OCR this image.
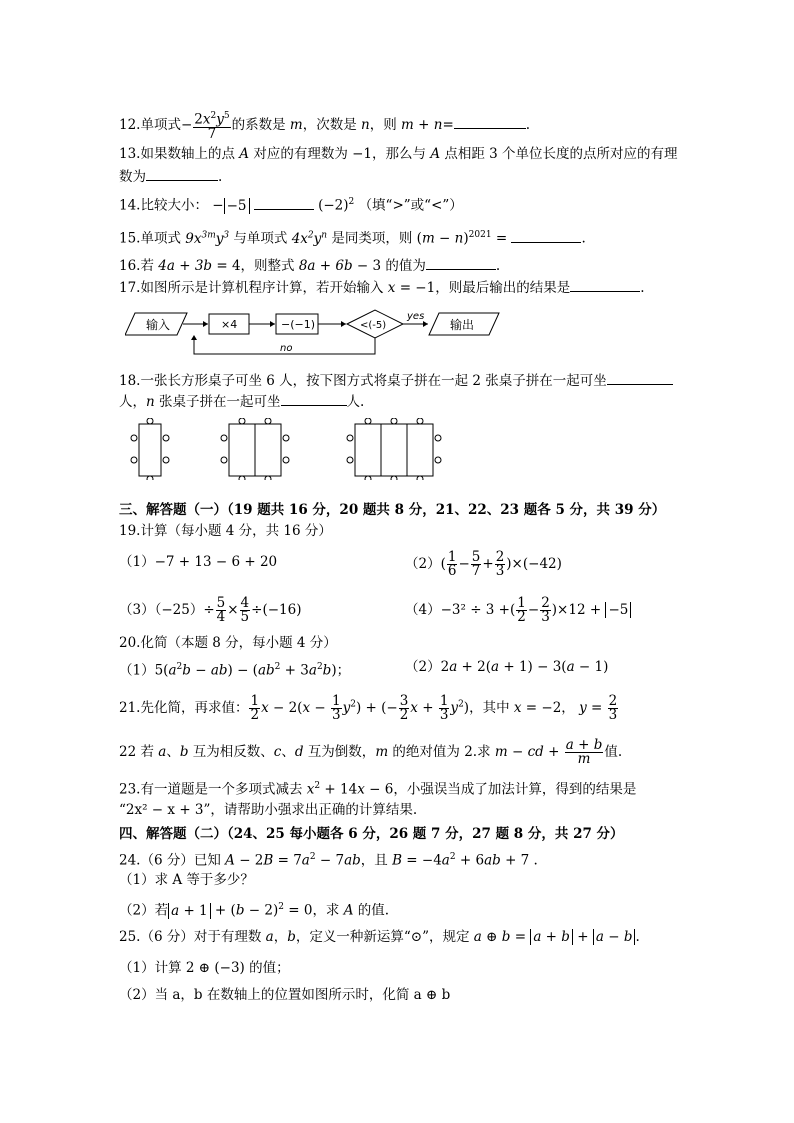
12.单项式− $\frac{2x^2y^5}{7}$ 的系数是 m，次数是 n，则 m + n=	.
13.如果数轴上的点 A 对应的有理数为 −1，那么与 A 点相距 3 个单位长度的点所对应的有理
数为	.
14.比较大小： − −5	$(-2)^2$ （填“>”或“<”）
15.单项式 $9x^{3m}y^3$ 与单项式 $4x^2y^n$ 是同类项，则 $(m - n)^{2021}$ =	.
16.若 4a + 3b = 4，则整式 8a + 6b − 3 的值为	.
17.如图所示是计算机程序计算，若开始输入 x = −1，则最后输出的结果是	.
输入	×4	−(−1)	<(-5)
yes
输出
no
18.一张长方形桌子可坐 6 人，按下图方式将桌子拼在一起 2 张桌子拼在一起可坐
人，n 张桌子拼在一起可坐	人.
三、解答题（一）（19 题共 16 分，20 题共 8 分，21、22、23 题各 5 分，共 39 分）
19.计算（每小题 4 分，共 16 分）
（1）−7 + 13 − 6 + 20	$(2)( \frac{1}{6} - \frac{5}{7} + \frac{2}{3} )\times(-42)$
$(3)(-25)\div \frac{5}{4} \times \frac{4}{5} \div(-16)$	（4）−3² ÷ 3 +( $\frac{1}{2} - \frac{2}{3} )\times 12 + -5$
20.化简（本题 8 分，每小题 4 分）
$(1)5(a^2b - ab) - (ab^2 + 3a^2b)$；	（2）2a + 2(a + 1) − 3(a − 1)
21.先化简，再求值： $\frac{1}{2}$ $x - 2(x - \frac{1}{3} y^2)$ + (− $\frac{3}{2}$ $x + \frac{1}{3} y^2$)，其中 x = −2， $y = \frac{2}{3}$
22 若 a、b 互为相反数、c、d 互为倒数，m 的绝对值为 2.求 m − cd + $\frac{a + b}{m}$ 值.
23.有一道题是一个多项式减去 $x^2 + 14x - 6$，小强误当成了加法计算，得到的结果是
“2x² − x + 3”，请帮助小强求出正确的计算结果.
四、解答题（二）（24、25 每小题各 6 分，26 题 7 分，27 题 8 分，共 27 分）
24.（6 分）已知 $A - 2B = 7a^2 - 7ab$，且 $B = -4a^2 + 6ab + 7$ .
（1）求 A 等于多少？
（2）若 $a + 1 + (b - 2)^2 = 0$，求 A 的值.
25.（6 分）对于有理数 a，b，定义一种新运算“⊙”，规定 a ⊕ b = a + b + a − b .
（1）计算 2 ⊕ (−3) 的值；
（2）当 a，b 在数轴上的位置如图所示时，化简 a ⊕ b
